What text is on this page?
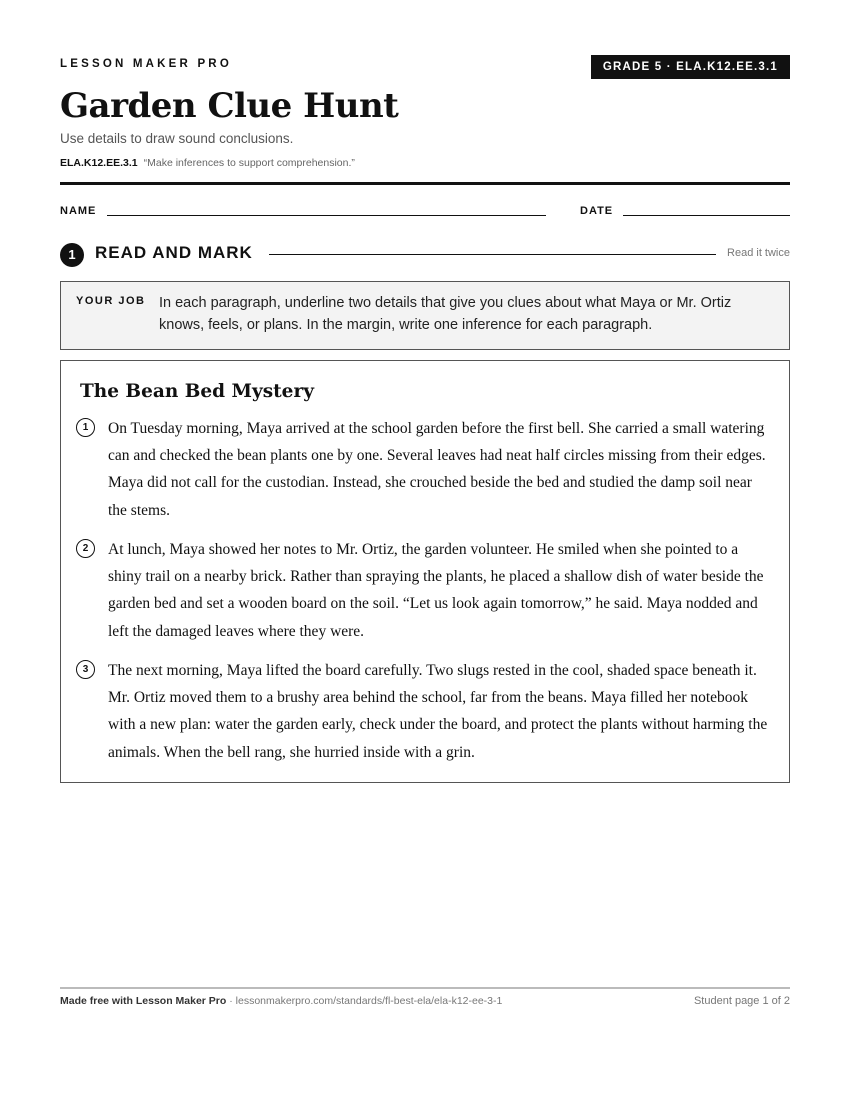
LESSON MAKER PRO	GRADE 5 · ELA.K12.EE.3.1
Garden Clue Hunt
Use details to draw sound conclusions.
ELA.K12.EE.3.1 “Make inferences to support comprehension.”
NAME	DATE
1	READ AND MARK	Read it twice
YOUR JOB In each paragraph, underline two details that give you clues about what Maya or Mr. Ortiz knows, feels, or plans. In the margin, write one inference for each paragraph.
The Bean Bed Mystery
1	On Tuesday morning, Maya arrived at the school garden before the first bell. She carried a small watering can and checked the bean plants one by one. Several leaves had neat half circles missing from their edges. Maya did not call for the custodian. Instead, she crouched beside the bed and studied the damp soil near the stems.

2	At lunch, Maya showed her notes to Mr. Ortiz, the garden volunteer. He smiled when she pointed to a shiny trail on a nearby brick. Rather than spraying the plants, he placed a shallow dish of water beside the garden bed and set a wooden board on the soil. “Let us look again tomorrow,” he said. Maya nodded and left the damaged leaves where they were.

3	The next morning, Maya lifted the board carefully. Two slugs rested in the cool, shaded space beneath it. Mr. Ortiz moved them to a brushy area behind the school, far from the beans. Maya filled her notebook with a new plan: water the garden early, check under the board, and protect the plants without harming the animals. When the bell rang, she hurried inside with a grin.

Made free with Lesson Maker Pro · lessonmakerpro.com/standards/fl-best-ela/ela-k12-ee-3-1	Student page 1 of 2
